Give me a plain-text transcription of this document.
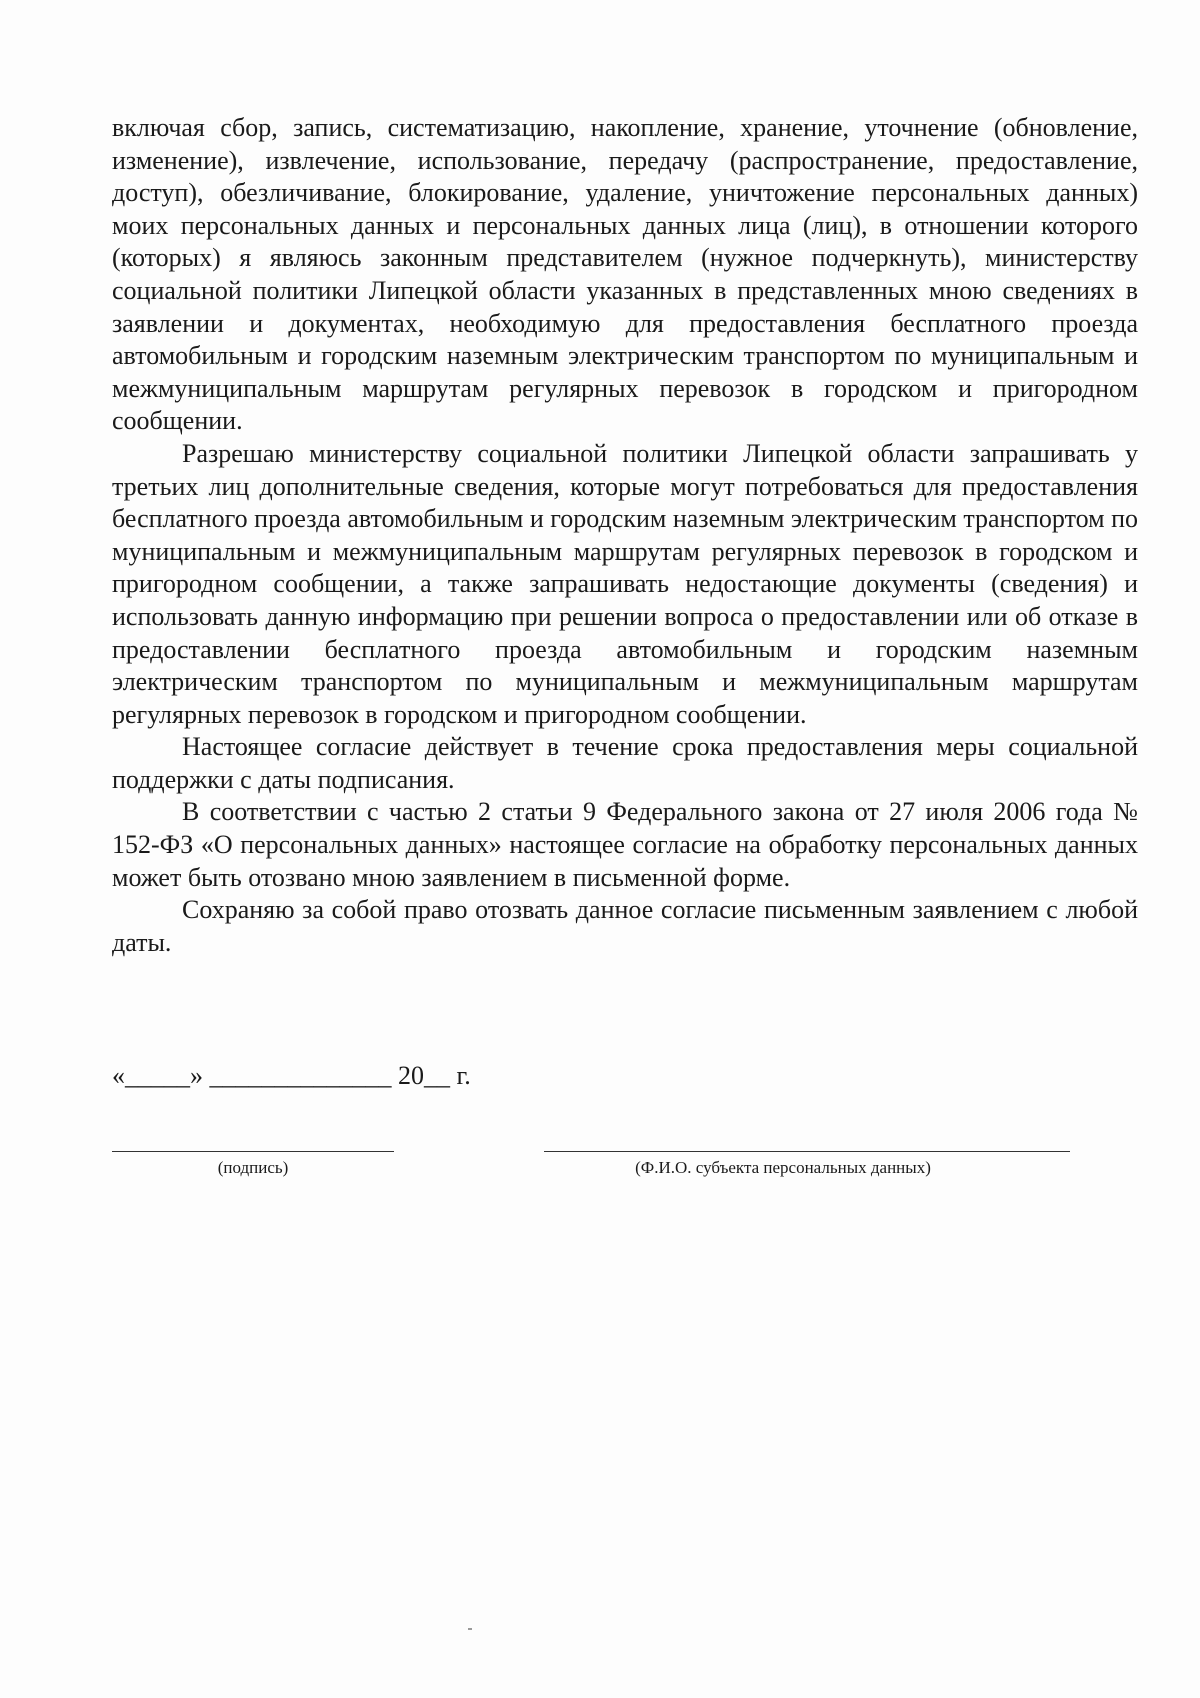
включая сбор, запись, систематизацию, накопление, хранение, уточнение (обновление, изменение), извлечение, использование, передачу (распространение, предоставление, доступ), обезличивание, блокирование, удаление, уничтожение персональных данных) моих персональных данных и персональных данных лица (лиц), в отношении которого (которых) я являюсь законным представителем (нужное подчеркнуть), министерству социальной политики Липецкой области указанных в представленных мною сведениях в заявлении и документах, необходимую для предоставления бесплатного проезда автомобильным и городским наземным электрическим транспортом по муниципальным и межмуниципальным маршрутам регулярных перевозок в городском и пригородном сообщении.

Разрешаю министерству социальной политики Липецкой области запрашивать у третьих лиц дополнительные сведения, которые могут потребоваться для предоставления бесплатного проезда автомобильным и городским наземным электрическим транспортом по муниципальным и межмуниципальным маршрутам регулярных перевозок в городском и пригородном сообщении, а также запрашивать недостающие документы (сведения) и использовать данную информацию при решении вопроса о предоставлении или об отказе в предоставлении бесплатного проезда автомобильным и городским наземным электрическим транспортом по муниципальным и межмуниципальным маршрутам регулярных перевозок в городском и пригородном сообщении.

Настоящее согласие действует в течение срока предоставления меры социальной поддержки с даты подписания.

В соответствии с частью 2 статьи 9 Федерального закона от 27 июля 2006 года № 152-ФЗ «О персональных данных» настоящее согласие на обработку персональных данных может быть отозвано мною заявлением в письменной форме.

Сохраняю за собой право отозвать данное согласие письменным заявлением с любой даты.

«_____» ______________ 20__ г.
(подпись)	(Ф.И.О. субъекта персональных данных)
